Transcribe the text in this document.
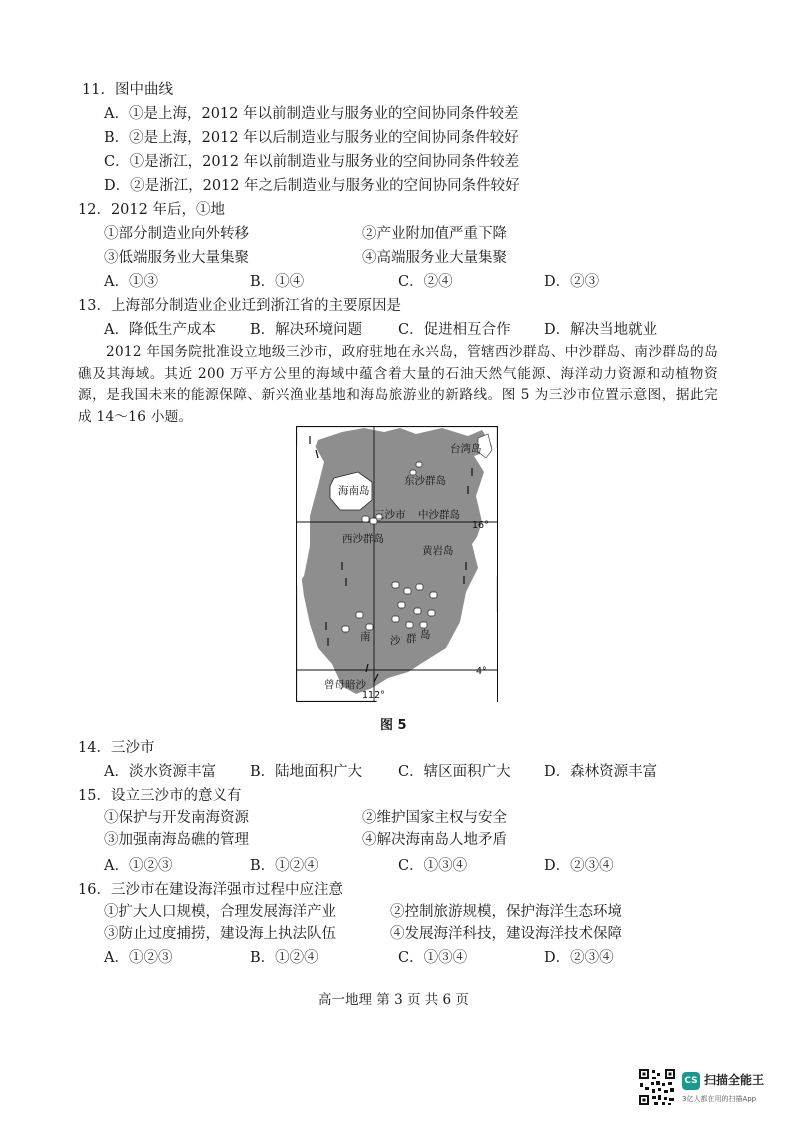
11．图中曲线
A．①是上海，2012 年以前制造业与服务业的空间协同条件较差
B．②是上海，2012 年以后制造业与服务业的空间协同条件较好
C．①是浙江，2012 年以前制造业与服务业的空间协同条件较差
D．②是浙江，2012 年之后制造业与服务业的空间协同条件较好
12．2012 年后，①地
①部分制造业向外转移	②产业附加值严重下降
③低端服务业大量集聚	④高端服务业大量集聚
A．①③	B．①④	C．②④	D．②③
13．上海部分制造业企业迁到浙江省的主要原因是
A．降低生产成本 B．解决环境问题 C．促进相互合作 D．解决当地就业

2012 年国务院批准设立地级三沙市，政府驻地在永兴岛，管辖西沙群岛、中沙群岛、南沙群岛的岛礁及其海域。其近 200 万平方公里的海域中蕴含着大量的石油天然气能源、海洋动力资源和动植物资源，是我国未来的能源保障、新兴渔业基地和海岛旅游业的新路线。图 5 为三沙市位置示意图，据此完成 14～16 小题。

台湾岛
海南岛
东沙群岛
三沙市 中沙群岛
西沙群岛
黄岩岛
南 沙 群 岛
曾母暗沙
16°
4°
112°
图 5
14．三沙市
A．淡水资源丰富 B．陆地面积广大 C．辖区面积广大 D．森林资源丰富
15．设立三沙市的意义有
①保护与开发南海资源	②维护国家主权与安全
③加强南海岛礁的管理	④解决海南岛人地矛盾
A．①②③	B．①②④	C．①③④	D．②③④
16．三沙市在建设海洋强市过程中应注意
①扩大人口规模，合理发展海洋产业	②控制旅游规模，保护海洋生态环境
③防止过度捕捞，建设海上执法队伍	④发展海洋科技，建设海洋技术保障
A．①②③	B．①②④	C．①③④	D．②③④
高一地理 第 3 页 共 6 页
CS 扫描全能王
3亿人都在用的扫描App
